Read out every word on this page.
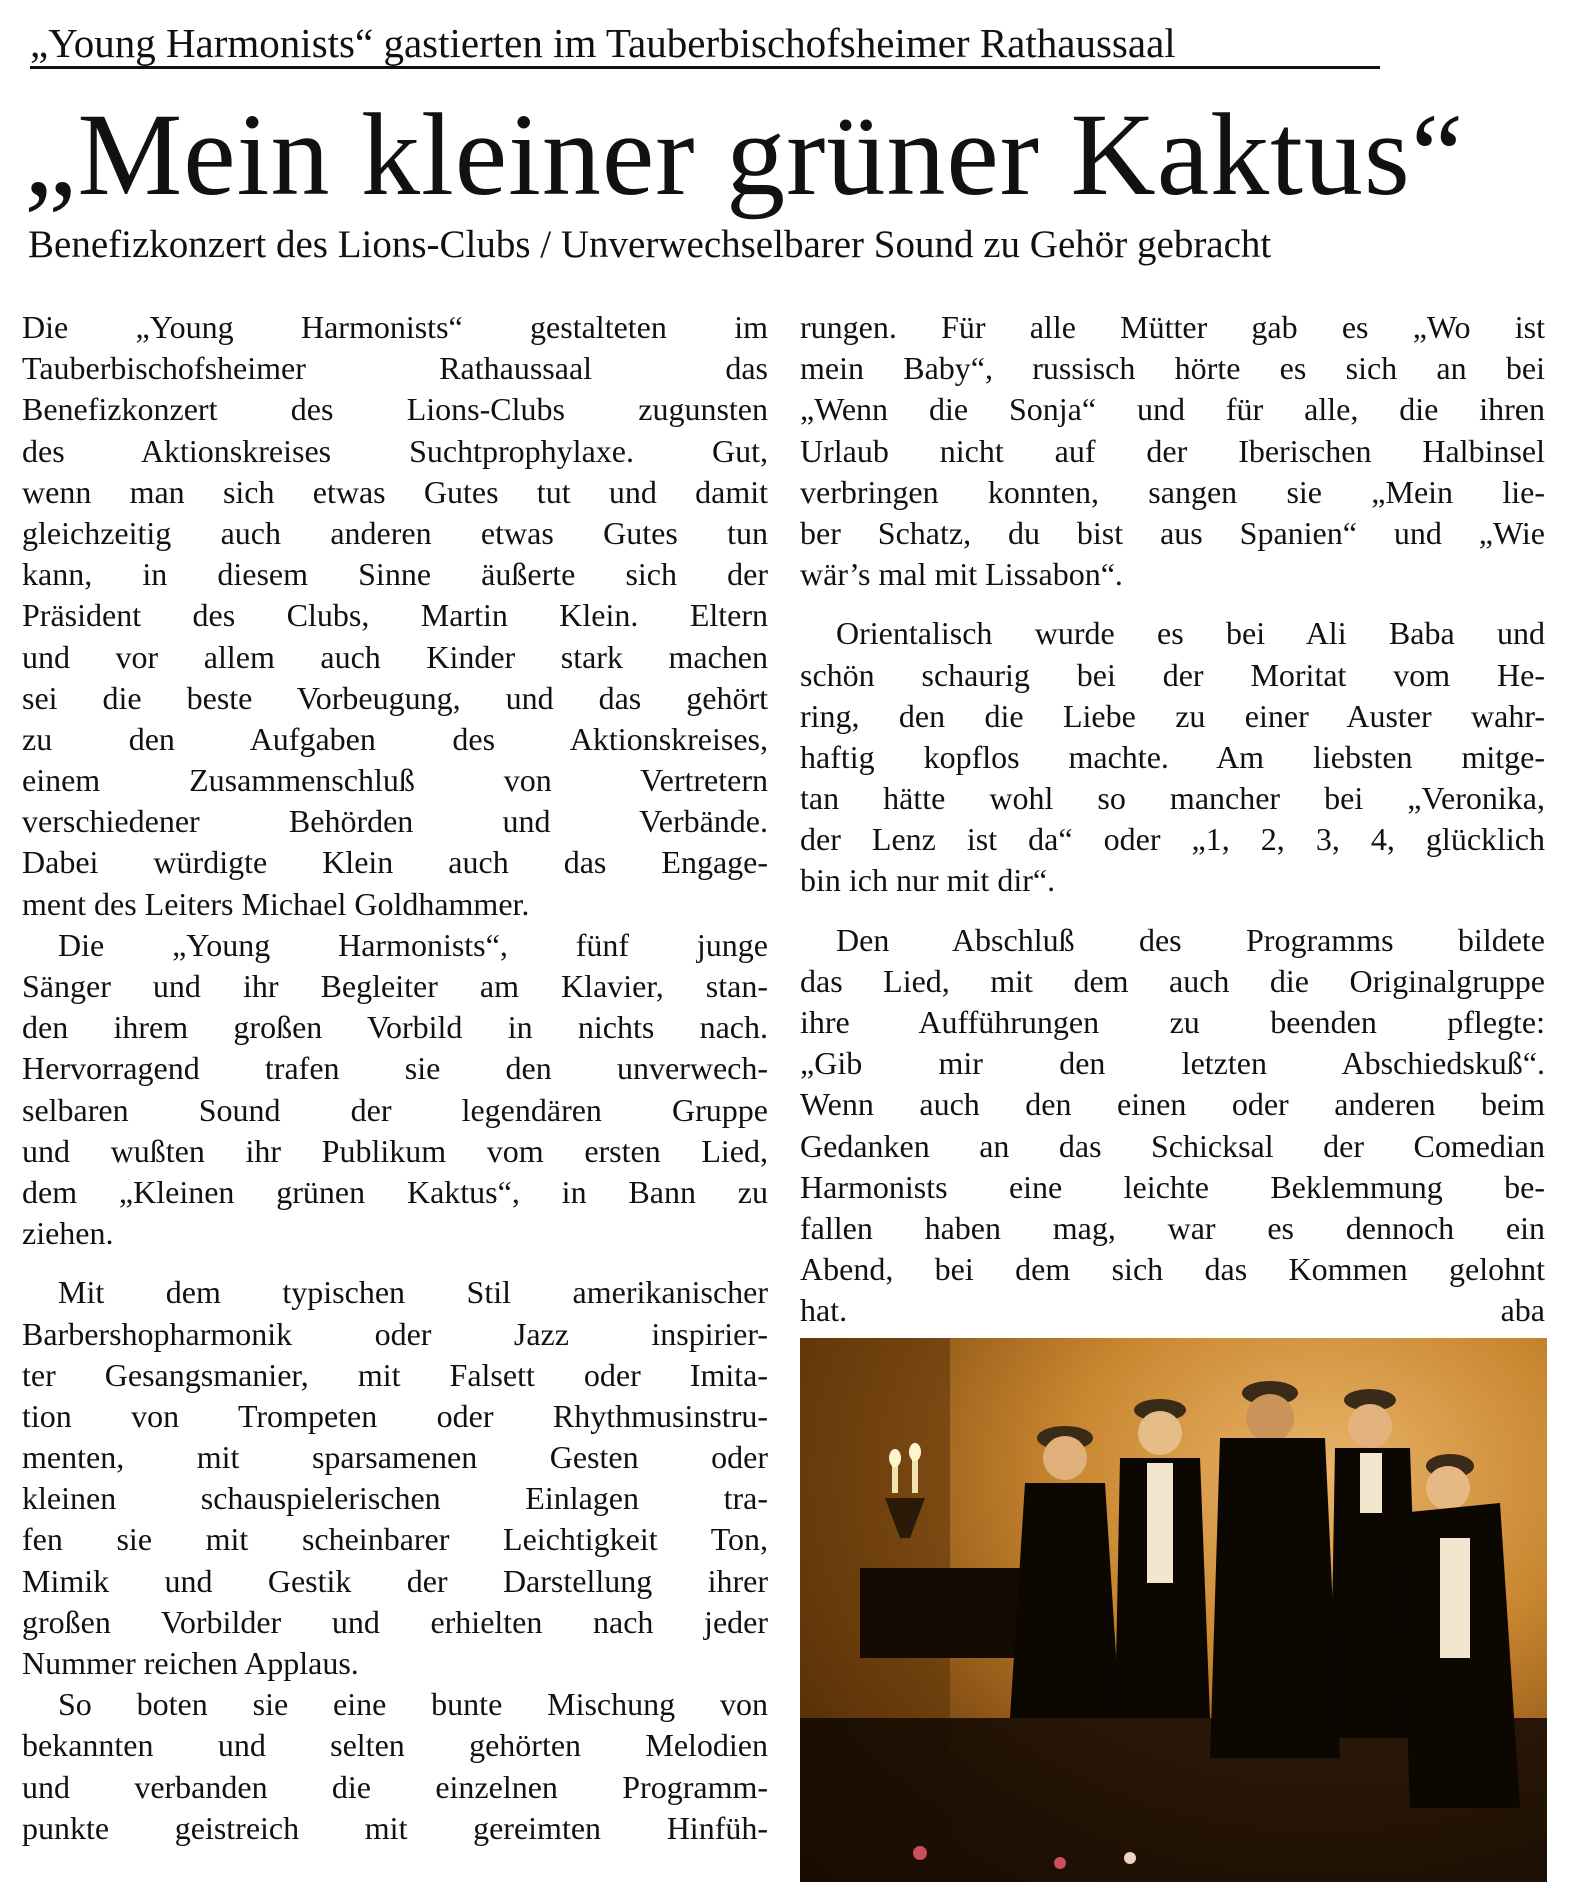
„Young Harmonists“ gastierten im Tauberbischofsheimer Rathaussaal
„Mein kleiner grüner Kaktus“
Benefizkonzert des Lions-Clubs / Unverwechselbarer Sound zu Gehör gebracht
Die „Young Harmonists“ gestalteten im
Tauberbischofsheimer Rathaussaal das
Benefizkonzert des Lions-Clubs zugunsten
des Aktionskreises Suchtprophylaxe. Gut,
wenn man sich etwas Gutes tut und damit
gleichzeitig auch anderen etwas Gutes tun
kann, in diesem Sinne äußerte sich der
Präsident des Clubs, Martin Klein. Eltern
und vor allem auch Kinder stark machen
sei die beste Vorbeugung, und das gehört
zu den Aufgaben des Aktionskreises,
einem Zusammenschluß von Vertretern
verschiedener Behörden und Verbände.
Dabei würdigte Klein auch das Engage-
ment des Leiters Michael Goldhammer.
Die „Young Harmonists“, fünf junge
Sänger und ihr Begleiter am Klavier, stan-
den ihrem großen Vorbild in nichts nach.
Hervorragend trafen sie den unverwech-
selbaren Sound der legendären Gruppe
und wußten ihr Publikum vom ersten Lied,
dem „Kleinen grünen Kaktus“, in Bann zu
ziehen.
Mit dem typischen Stil amerikanischer
Barbershopharmonik oder Jazz inspirier-
ter Gesangsmanier, mit Falsett oder Imita-
tion von Trompeten oder Rhythmusinstru-
menten, mit sparsamenen Gesten oder
kleinen schauspielerischen Einlagen tra-
fen sie mit scheinbarer Leichtigkeit Ton,
Mimik und Gestik der Darstellung ihrer
großen Vorbilder und erhielten nach jeder
Nummer reichen Applaus.
So boten sie eine bunte Mischung von
bekannten und selten gehörten Melodien
und verbanden die einzelnen Programm-
punkte geistreich mit gereimten Hinfüh-
rungen. Für alle Mütter gab es „Wo ist
mein Baby“, russisch hörte es sich an bei
„Wenn die Sonja“ und für alle, die ihren
Urlaub nicht auf der Iberischen Halbinsel
verbringen konnten, sangen sie „Mein lie-
ber Schatz, du bist aus Spanien“ und „Wie
wär’s mal mit Lissabon“.
Orientalisch wurde es bei Ali Baba und
schön schaurig bei der Moritat vom He-
ring, den die Liebe zu einer Auster wahr-
haftig kopflos machte. Am liebsten mitge-
tan hätte wohl so mancher bei „Veronika,
der Lenz ist da“ oder „1, 2, 3, 4, glücklich
bin ich nur mit dir“.
Den Abschluß des Programms bildete
das Lied, mit dem auch die Originalgruppe
ihre Aufführungen zu beenden pflegte:
„Gib mir den letzten Abschiedskuß“.
Wenn auch den einen oder anderen beim
Gedanken an das Schicksal der Comedian
Harmonists eine leichte Beklemmung be-
fallen haben mag, war es dennoch ein
Abend, bei dem sich das Kommen gelohnt
hat.	aba
